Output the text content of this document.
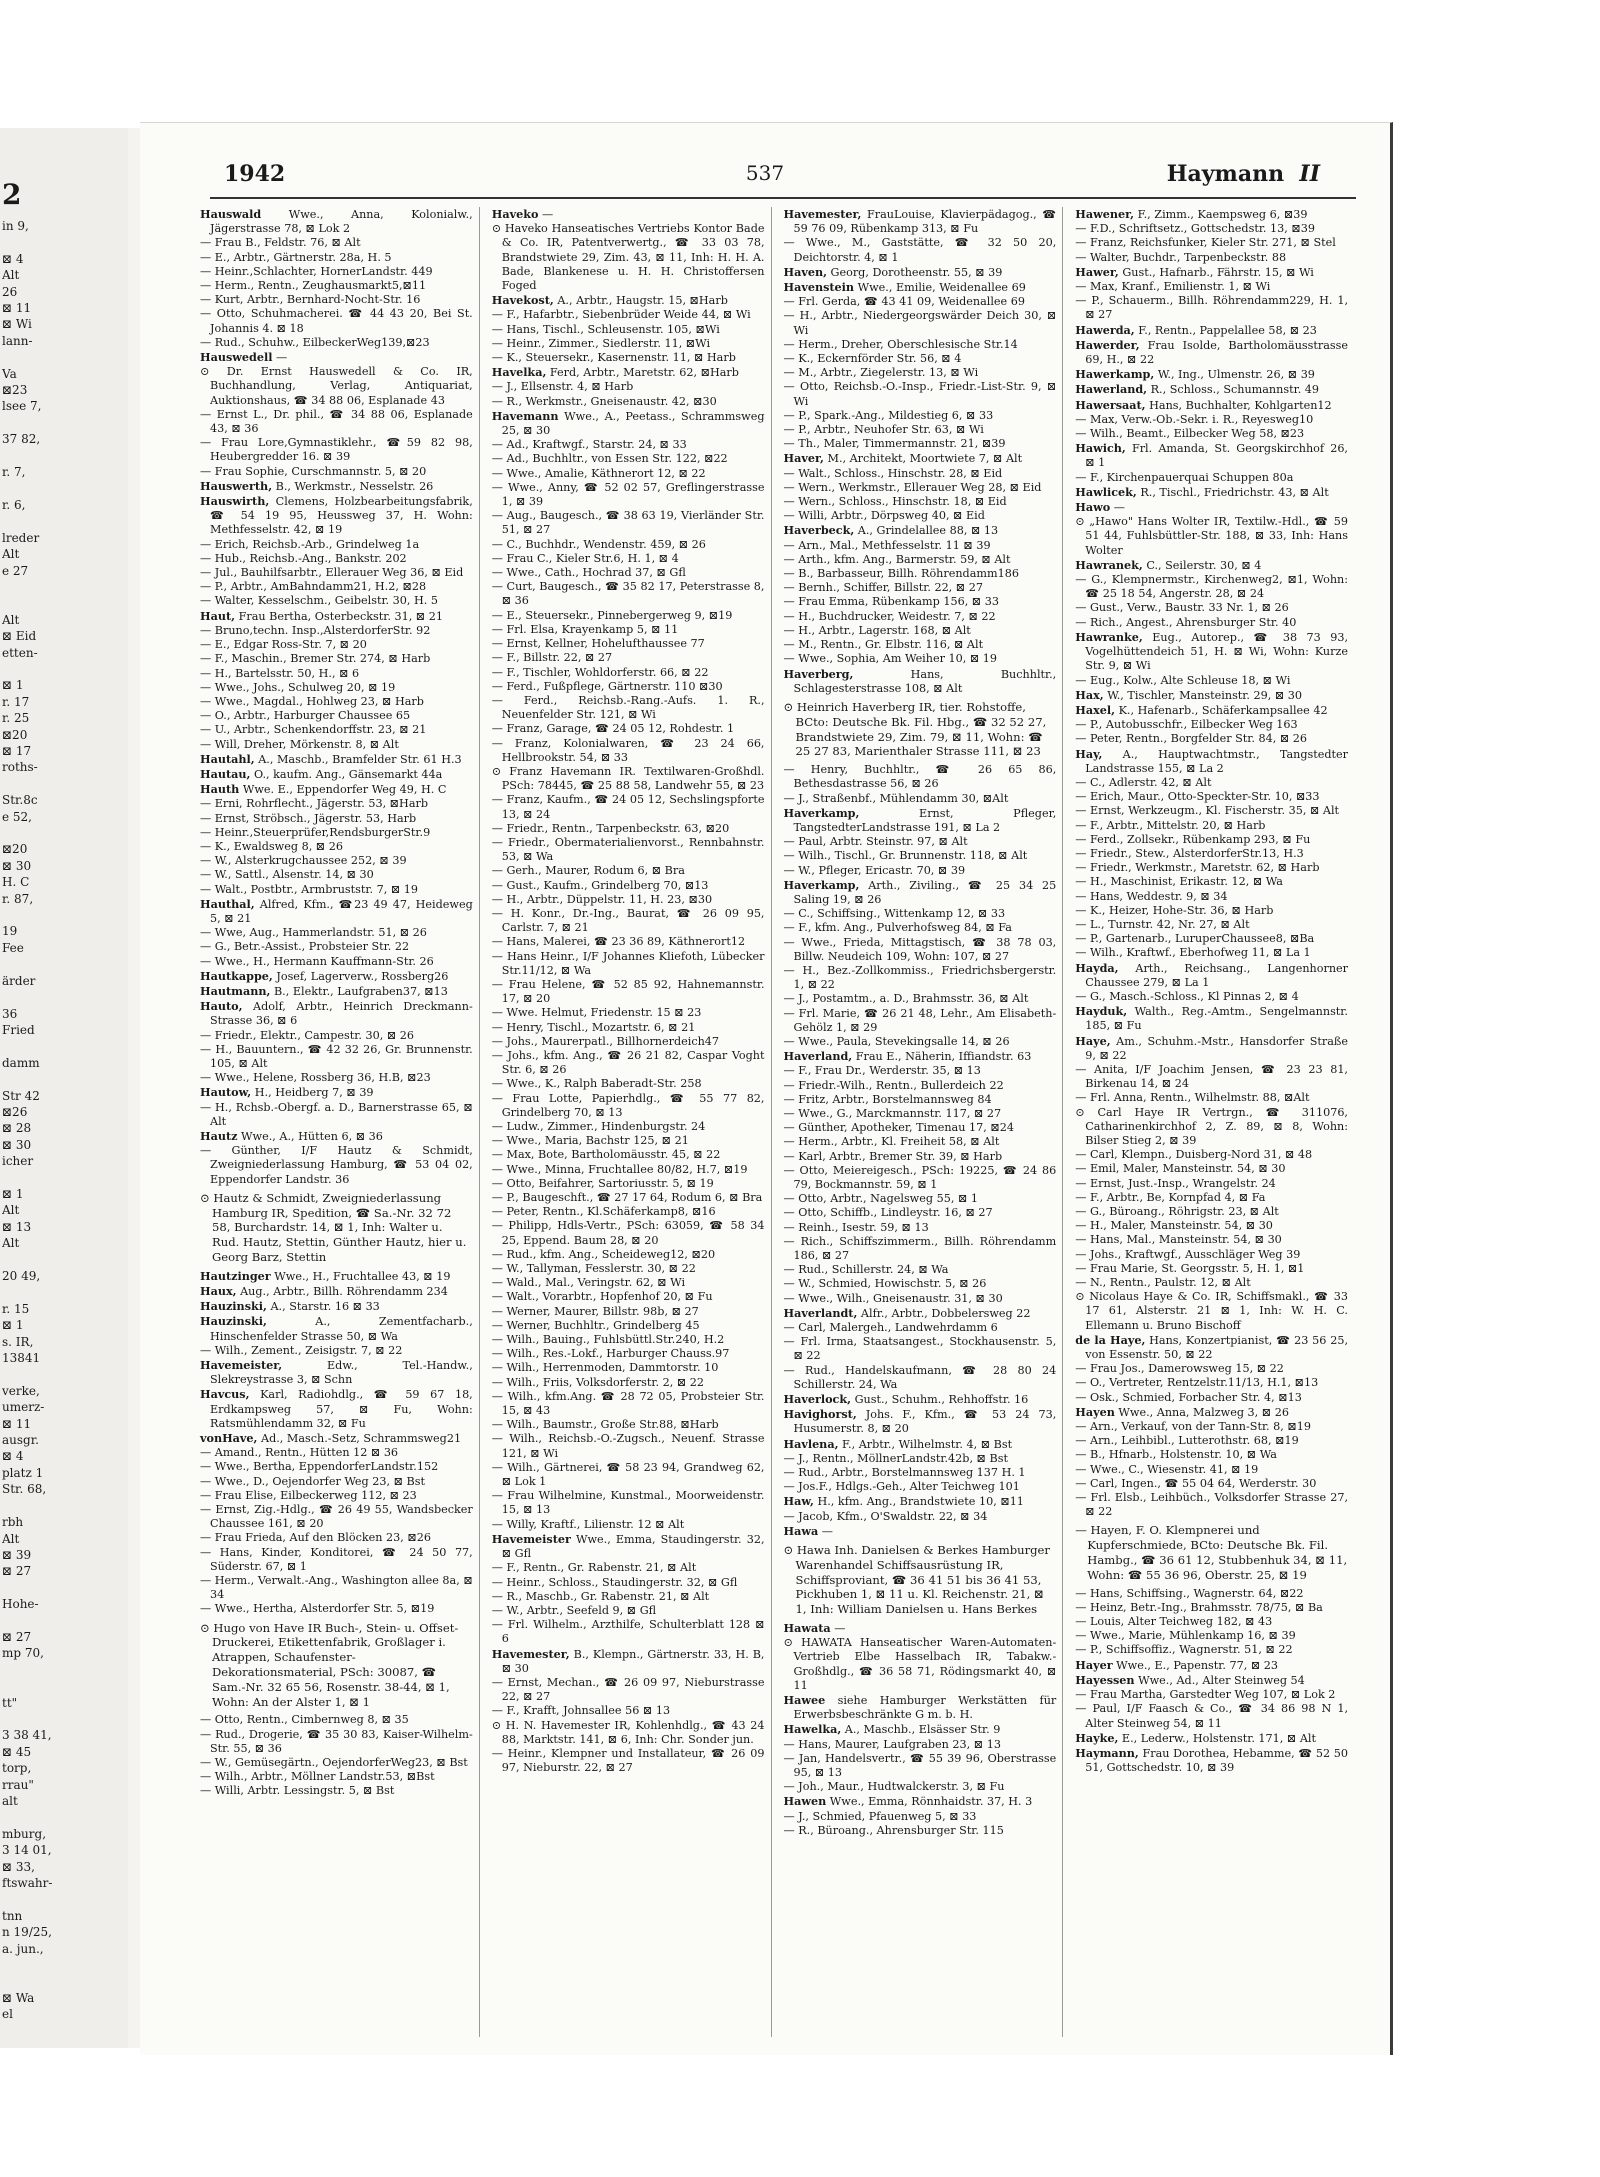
2
in 9,

⊠ 4
Alt
26
⊠ 11
⊠ Wi
lann-

Va
⊠23
lsee 7,

37 82,

r. 7,

r. 6,

lreder
Alt
e 27

Alt
⊠ Eid
etten-

⊠ 1
r. 17
r. 25
⊠20
⊠ 17
roths-

Str.8c
e 52,

⊠20
⊠ 30
H. C
r. 87,

19
Fee

ärder

36
Fried

damm

Str 42
⊠26
⊠ 28
⊠ 30
icher

⊠ 1
Alt
⊠ 13
Alt

20 49,

r. 15
⊠ 1
s. IR,
13841

verke,
umerz-
⊠ 11
ausgr.
⊠ 4
platz 1
Str. 68,

rbh
Alt
⊠ 39
⊠ 27

Hohe-

⊠ 27
mp 70,

tt"

3 38 41,
⊠ 45
torp,
rrau"
alt

mburg,
3 14 01,
⊠ 33,
ftswahr-

tnn
n 19/25,
a. jun.,

⊠ Wa
el
1942	537	Haymann II

Hauswald Wwe., Anna, Kolonialw., Jägerstrasse 78, ⊠ Lok 2

— Frau B., Feldstr. 76, ⊠ Alt

— E., Arbtr., Gärtnerstr. 28a, H. 5

— Heinr.,Schlachter, HornerLandstr. 449

— Herm., Rentn., Zeughausmarkt5,⊠11

— Kurt, Arbtr., Bernhard-Nocht-Str. 16

— Otto, Schuhmacherei. ☎ 44 43 20, Bei St. Johannis 4. ⊠ 18

— Rud., Schuhw., EilbeckerWeg139,⊠23

Hauswedell —

⊙ Dr. Ernst Hauswedell & Co. IR, Buchhandlung, Verlag, Antiquariat, Auktionshaus, ☎ 34 88 06, Esplanade 43

— Ernst L., Dr. phil., ☎ 34 88 06, Esplanade 43, ⊠ 36

— Frau Lore,Gymnastiklehr., ☎59 82 98, Heubergredder 16. ⊠ 39

— Frau Sophie, Curschmannstr. 5, ⊠ 20

Hauswerth, B., Werkmstr., Nesselstr. 26

Hauswirth, Clemens, Holzbearbeitungsfabrik, ☎ 54 19 95, Heussweg 37, H. Wohn: Methfesselstr. 42, ⊠ 19

— Erich, Reichsb.-Arb., Grindelweg 1a

— Hub., Reichsb.-Ang., Bankstr. 202

— Jul., Bauhilfsarbtr., Ellerauer Weg 36, ⊠ Eid

— P., Arbtr., AmBahndamm21, H.2, ⊠28

— Walter, Kesselschm., Geibelstr. 30, H. 5

Haut, Frau Bertha, Osterbeckstr. 31, ⊠ 21

— Bruno,techn. Insp.,AlsterdorferStr. 92

— E., Edgar Ross-Str. 7, ⊠ 20

— F., Maschin., Bremer Str. 274, ⊠ Harb

— H., Bartelsstr. 50, H., ⊠ 6

— Wwe., Johs., Schulweg 20, ⊠ 19

— Wwe., Magdal., Hohlweg 23, ⊠ Harb

— O., Arbtr., Harburger Chaussee 65

— U., Arbtr., Schenkendorffstr. 23, ⊠ 21

— Will, Dreher, Mörkenstr. 8, ⊠ Alt

Hautahl, A., Maschb., Bramfelder Str. 61 H.3

Hautau, O., kaufm. Ang., Gänsemarkt 44a

Hauth Wwe. E., Eppendorfer Weg 49, H. C

— Erni, Rohrflecht., Jägerstr. 53, ⊠Harb

— Ernst, Ströbsch., Jägerstr. 53, Harb

— Heinr.,Steuerprüfer,RendsburgerStr.9

— K., Ewaldsweg 8, ⊠ 26

— W., Alsterkrugchaussee 252, ⊠ 39

— W., Sattl., Alsenstr. 14, ⊠ 30

— Walt., Postbtr., Armbruststr. 7, ⊠ 19

Hauthal, Alfred, Kfm., ☎23 49 47, Heideweg 5, ⊠ 21

— Wwe, Aug., Hammerlandstr. 51, ⊠ 26

— G., Betr.-Assist., Probsteier Str. 22

— Wwe., H., Hermann Kauffmann-Str. 26

Hautkappe, Josef, Lagerverw., Rossberg26

Hautmann, B., Elektr., Laufgraben37, ⊠13

Hauto, Adolf, Arbtr., Heinrich Dreckmann-Strasse 36, ⊠ 6

— Friedr., Elektr., Campestr. 30, ⊠ 26

— H., Bauuntern., ☎ 42 32 26, Gr. Brunnenstr. 105, ⊠ Alt

— Wwe., Helene, Rossberg 36, H.B, ⊠23

Hautow, H., Heidberg 7, ⊠ 39

— H., Rchsb.-Obergf. a. D., Barnerstrasse 65, ⊠ Alt

Hautz Wwe., A., Hütten 6, ⊠ 36

— Günther, I/F Hautz & Schmidt, Zweigniederlassung Hamburg, ☎ 53 04 02, Eppendorfer Landstr. 36

⊙ Hautz & Schmidt, Zweigniederlassung Hamburg IR, Spedition, ☎ Sa.-Nr. 32 72 58, Burchardstr. 14, ⊠ 1, Inh: Walter u. Rud. Hautz, Stettin, Günther Hautz, hier u. Georg Barz, Stettin

Hautzinger Wwe., H., Fruchtallee 43, ⊠ 19

Haux, Aug., Arbtr., Billh. Röhrendamm 234

Hauzinski, A., Starstr. 16 ⊠ 33

Hauzinski,	A., Zementfacharb., Hinschenfelder Strasse 50, ⊠ Wa

— Wilh., Zement., Zeisigstr. 7, ⊠ 22

Havemeister,	Edw., Tel.-Handw., Slekreystrasse 3, ⊠ Schn

Havcus, Karl, Radiohdlg., ☎ 59 67 18, Erdkampsweg 57, ⊠ Fu, Wohn: Ratsmühlendamm 32, ⊠ Fu

vonHave, Ad., Masch.-Setz, Schrammsweg21

— Amand., Rentn., Hütten 12 ⊠ 36

— Wwe., Bertha, EppendorferLandstr.152

— Wwe., D., Oejendorfer Weg 23, ⊠ Bst

— Frau Elise, Eilbeckerweg 112, ⊠ 23

— Ernst, Zig.-Hdlg., ☎ 26 49 55, Wandsbecker Chaussee 161, ⊠ 20

— Frau Frieda, Auf den Blöcken 23, ⊠26

— Hans, Kinder, Konditorei, ☎ 24 50 77, Süderstr. 67, ⊠ 1

— Herm., Verwalt.-Ang., Washington allee 8a, ⊠ 34

— Wwe., Hertha, Alsterdorfer Str. 5, ⊠19

⊙ Hugo von Have IR Buch-, Stein- u. Offset-Druckerei, Etikettenfabrik, Großlager i. Atrappen, Schaufenster-Dekorationsmaterial, PSch: 30087, ☎ Sam.-Nr. 32 65 56, Rosenstr. 38-44, ⊠ 1, Wohn: An der Alster 1, ⊠ 1

— Otto, Rentn., Cimbernweg 8, ⊠ 35

— Rud., Drogerie, ☎ 35 30 83, Kaiser-Wilhelm-Str. 55, ⊠ 36

— W., Gemüsegärtn., OejendorferWeg23, ⊠ Bst

— Wilh., Arbtr., Möllner Landstr.53, ⊠Bst

— Willi, Arbtr. Lessingstr. 5, ⊠ Bst

Haveko —

⊙ Haveko Hanseatisches Vertriebs Kontor Bade & Co. IR, Patentverwertg., ☎ 33 03 78, Brandstwiete 29, Zim. 43, ⊠ 11, Inh: H. H. A. Bade, Blankenese u. H. H. Christoffersen Foged

Havekost, A., Arbtr., Haugstr. 15, ⊠Harb

— F., Hafarbtr., Siebenbrüder Weide 44, ⊠ Wi

— Hans, Tischl., Schleusenstr. 105, ⊠Wi

— Heinr., Zimmer., Siedlerstr. 11, ⊠Wi

— K., Steuersekr., Kasernenstr. 11, ⊠ Harb

Havelka, Ferd, Arbtr., Maretstr. 62, ⊠Harb

— J., Ellsenstr. 4, ⊠ Harb

— R., Werkmstr., Gneisenaustr. 42, ⊠30

Havemann Wwe., A., Peetass., Schrammsweg 25, ⊠ 30

— Ad., Kraftwgf., Starstr. 24, ⊠ 33

— Ad., Buchhltr., von Essen Str. 122, ⊠22

— Wwe., Amalie, Käthnerort 12, ⊠ 22

— Wwe., Anny, ☎ 52 02 57, Greflingerstrasse 1, ⊠ 39

— Aug., Baugesch., ☎ 38 63 19, Vierländer Str. 51, ⊠ 27

— C., Buchhdr., Wendenstr. 459, ⊠ 26

— Frau C., Kieler Str.6, H. 1, ⊠ 4

— Wwe., Cath., Hochrad 37, ⊠ Gfl

— Curt, Baugesch., ☎ 35 82 17, Peterstrasse 8, ⊠ 36

— E., Steuersekr., Pinnebergerweg 9, ⊠19

— Frl. Elsa, Krayenkamp 5, ⊠ 11

— Ernst, Kellner, Hohelufthaussee 77

— F., Billstr. 22, ⊠ 27

— F., Tischler, Wohldorferstr. 66, ⊠ 22

— Ferd., Fußpflege, Gärtnerstr. 110 ⊠30

— Ferd., Reichsb.-Rang.-Aufs. 1. R., Neuenfelder Str. 121, ⊠ Wi

— Franz, Garage, ☎ 24 05 12, Rohdestr. 1

— Franz, Kolonialwaren, ☎ 23 24 66, Hellbrookstr. 54, ⊠ 33

⊙ Franz Havemann IR. Textilwaren-Großhdl. PSch: 78445, ☎ 25 88 58, Landwehr 55, ⊠ 23

— Franz, Kaufm., ☎ 24 05 12, Sechslingspforte 13, ⊠ 24

— Friedr., Rentn., Tarpenbeckstr. 63, ⊠20

— Friedr., Obermaterialienvorst., Rennbahnstr. 53, ⊠ Wa

— Gerh., Maurer, Rodum 6, ⊠ Bra

— Gust., Kaufm., Grindelberg 70, ⊠13

— H., Arbtr., Düppelstr. 11, H. 23, ⊠30

— H. Konr., Dr.-Ing., Baurat, ☎ 26 09 95, Carlstr. 7, ⊠ 21

— Hans, Malerei, ☎ 23 36 89, Käthnerort12

— Hans Heinr., I/F Johannes Kliefoth, Lübecker Str.11/12, ⊠ Wa

— Frau Helene, ☎ 52 85 92, Hahnemannstr. 17, ⊠ 20

— Wwe. Helmut, Friedenstr. 15 ⊠ 23

— Henry, Tischl., Mozartstr. 6, ⊠ 21

— Johs., Maurerpatl., Billhornerdeich47

— Johs., kfm. Ang., ☎ 26 21 82, Caspar Voght Str. 6, ⊠ 26

— Wwe., K., Ralph Baberadt-Str. 258

— Frau Lotte, Papierhdlg., ☎ 55 77 82, Grindelberg 70, ⊠ 13

— Ludw., Zimmer., Hindenburgstr. 24

— Wwe., Maria, Bachstr 125, ⊠ 21

— Max, Bote, Bartholomäusstr. 45, ⊠ 22

— Wwe., Minna, Fruchtallee 80/82, H.7, ⊠19

— Otto, Beifahrer, Sartoriusstr. 5, ⊠ 19

— P., Baugeschft., ☎ 27 17 64, Rodum 6, ⊠ Bra

— Peter, Rentn., Kl.Schäferkamp8, ⊠16

— Philipp, Hdls-Vertr., PSch: 63059, ☎ 58 34 25, Eppend. Baum 28, ⊠ 20

— Rud., kfm. Ang., Scheideweg12, ⊠20

— W., Tallyman, Fesslerstr. 30, ⊠ 22

— Wald., Mal., Veringstr. 62, ⊠ Wi

— Walt., Vorarbtr., Hopfenhof 20, ⊠ Fu

— Werner, Maurer, Billstr. 98b, ⊠ 27

— Werner, Buchhltr., Grindelberg 45

— Wilh., Bauing., Fuhlsbüttl.Str.240, H.2

— Wilh., Res.-Lokf., Harburger Chauss.97

— Wilh., Herrenmoden, Dammtorstr. 10

— Wilh., Friis, Volksdorferstr. 2, ⊠ 22

— Wilh., kfm.Ang. ☎ 28 72 05, Probsteier Str. 15, ⊠ 43

— Wilh., Baumstr., Große Str.88, ⊠Harb

— Wilh., Reichsb.-O.-Zugsch., Neuenf. Strasse 121, ⊠ Wi

— Wilh., Gärtnerei, ☎ 58 23 94, Grandweg 62, ⊠ Lok 1

— Frau Wilhelmine, Kunstmal., Moorweidenstr. 15, ⊠ 13

— Willy, Kraftf., Lilienstr. 12 ⊠ Alt

Havemeister Wwe., Emma, Staudingerstr. 32, ⊠ Gfl

— F., Rentn., Gr. Rabenstr. 21, ⊠ Alt

— Heinr., Schloss., Staudingerstr. 32, ⊠ Gfl

— R., Maschb., Gr. Rabenstr. 21, ⊠ Alt

— W., Arbtr., Seefeld 9, ⊠ Gfl

— Frl. Wilhelm., Arzthilfe, Schulterblatt 128 ⊠ 6

Havemester, B., Klempn., Gärtnerstr. 33, H. B, ⊠ 30

— Ernst, Mechan., ☎ 26 09 97, Nieburstrasse 22, ⊠ 27

— F., Krafft, Johnsallee 56 ⊠ 13

⊙ H. N. Havemester IR, Kohlenhdlg., ☎ 43 24 88, Marktstr. 141, ⊠ 6, Inh: Chr. Sonder jun.

— Heinr., Klempner und Installateur, ☎ 26 09 97, Nieburstr. 22, ⊠ 27

Havemester, FrauLouise, Klavierpädagog., ☎ 59 76 09, Rübenkamp 313, ⊠ Fu

— Wwe., M., Gaststätte, ☎ 32 50 20, Deichtorstr. 4, ⊠ 1

Haven, Georg, Dorotheenstr. 55, ⊠ 39

Havenstein Wwe., Emilie, Weidenallee 69

— Frl. Gerda, ☎ 43 41 09, Weidenallee 69

— H., Arbtr., Niedergeorgswärder Deich 30, ⊠ Wi

— Herm., Dreher, Oberschlesische Str.14

— K., Eckernförder Str. 56, ⊠ 4

— M., Arbtr., Ziegelerstr. 13, ⊠ Wi

— Otto, Reichsb.-O.-Insp., Friedr.-List-Str. 9, ⊠ Wi

— P., Spark.-Ang., Mildestieg 6, ⊠ 33

— P., Arbtr., Neuhofer Str. 63, ⊠ Wi

— Th., Maler, Timmermannstr. 21, ⊠39

Haver, M., Architekt, Moortwiete 7, ⊠ Alt

— Walt., Schloss., Hinschstr. 28, ⊠ Eid

— Wern., Werkmstr., Ellerauer Weg 28, ⊠ Eid

— Wern., Schloss., Hinschstr. 18, ⊠ Eid

— Willi, Arbtr., Dörpsweg 40, ⊠ Eid

Haverbeck, A., Grindelallee 88, ⊠ 13

— Arn., Mal., Methfesselstr. 11 ⊠ 39

— Arth., kfm. Ang., Barmerstr. 59, ⊠ Alt

— B., Barbasseur, Billh. Röhrendamm186

— Bernh., Schiffer, Billstr. 22, ⊠ 27

— Frau Emma, Rübenkamp 156, ⊠ 33

— H., Buchdrucker, Weidestr. 7, ⊠ 22

— H., Arbtr., Lagerstr. 168, ⊠ Alt

— M., Rentn., Gr. Elbstr. 116, ⊠ Alt

— Wwe., Sophia, Am Weiher 10, ⊠ 19

Haverberg,	Hans, Buchhltr., Schlagesterstrasse 108, ⊠ Alt

⊙ Heinrich Haverberg IR, tier. Rohstoffe, BCto: Deutsche Bk. Fil. Hbg., ☎ 32 52 27, Brandstwiete 29, Zim. 79, ⊠ 11, Wohn: ☎ 25 27 83, Marienthaler Strasse 111, ⊠ 23

— Henry, Buchhltr., ☎ 26 65 86, Bethesdastrasse 56, ⊠ 26

— J., Straßenbf., Mühlendamm 30, ⊠Alt

Haverkamp,	Ernst, Pfleger, TangstedterLandstrasse 191, ⊠ La 2

— Paul, Arbtr. Steinstr. 97, ⊠ Alt

— Wilh., Tischl., Gr. Brunnenstr. 118, ⊠ Alt

— W., Pfleger, Ericastr. 70, ⊠ 39

Haverkamp, Arth., Ziviling., ☎ 25 34 25 Saling 19, ⊠ 26

— C., Schiffsing., Wittenkamp 12, ⊠ 33

— F., kfm. Ang., Pulverhofsweg 84, ⊠ Fa

— Wwe., Frieda, Mittagstisch, ☎ 38 78 03, Billw. Neudeich 109, Wohn: 107, ⊠ 27

— H., Bez.-Zollkommiss., Friedrichsbergerstr. 1, ⊠ 22

— J., Postamtm., a. D., Brahmsstr. 36, ⊠ Alt

— Frl. Marie, ☎ 26 21 48, Lehr., Am Elisabeth-Gehölz 1, ⊠ 29

— Wwe., Paula, Stevekingsalle 14, ⊠ 26

Haverland, Frau E., Näherin, Iffiandstr. 63

— F., Frau Dr., Werderstr. 35, ⊠ 13

— Friedr.-Wilh., Rentn., Bullerdeich 22

— Fritz, Arbtr., Borstelmannsweg 84

— Wwe., G., Marckmannstr. 117, ⊠ 27

— Günther, Apotheker, Timenau 17, ⊠24

— Herm., Arbtr., Kl. Freiheit 58, ⊠ Alt

— Karl, Arbtr., Bremer Str. 39, ⊠ Harb

— Otto, Meiereigesch., PSch: 19225, ☎ 24 86 79, Bockmannstr. 59, ⊠ 1

— Otto, Arbtr., Nagelsweg 55, ⊠ 1

— Otto, Schiffb., Lindleystr. 16, ⊠ 27

— Reinh., Isestr. 59, ⊠ 13

— Rich., Schiffszimmerm., Billh. Röhrendamm 186, ⊠ 27

— Rud., Schillerstr. 24, ⊠ Wa

— W., Schmied, Howischstr. 5, ⊠ 26

— Wwe., Wilh., Gneisenaustr. 31, ⊠ 30

Haverlandt, Alfr., Arbtr., Dobbelersweg 22

— Carl, Malergeh., Landwehrdamm 6

— Frl. Irma, Staatsangest., Stockhausenstr. 5, ⊠ 22

— Rud., Handelskaufmann, ☎ 28 80 24 Schillerstr. 24, Wa

Haverlock, Gust., Schuhm., Rehhoffstr. 16

Havighorst, Johs. F., Kfm., ☎ 53 24 73, Husumerstr. 8, ⊠ 20

Havlena, F., Arbtr., Wilhelmstr. 4, ⊠ Bst

— J., Rentn., MöllnerLandstr.42b, ⊠ Bst

— Rud., Arbtr., Borstelmannsweg 137 H. 1

— Jos.F., Hdlgs.-Geh., Alter Teichweg 101

Haw, H., kfm. Ang., Brandstwiete 10, ⊠11

— Jacob, Kfm., O'Swaldstr. 22, ⊠ 34

Hawa —

⊙ Hawa Inh. Danielsen & Berkes Hamburger Warenhandel Schiffsausrüstung IR, Schiffsproviant, ☎ 36 41 51 bis 36 41 53, Pickhuben 1, ⊠ 11 u. Kl. Reichenstr. 21, ⊠ 1, Inh: William Danielsen u. Hans Berkes

Hawata —

⊙ HAWATA Hanseatischer Waren-Automaten-Vertrieb Elbe Hasselbach IR, Tabakw.-Großhdlg., ☎ 36 58 71, Rödingsmarkt 40, ⊠ 11

Hawee siehe Hamburger Werkstätten für Erwerbsbeschränkte G m. b. H.

Hawelka, A., Maschb., Elsässer Str. 9

— Hans, Maurer, Laufgraben 23, ⊠ 13

— Jan, Handelsvertr., ☎ 55 39 96, Oberstrasse 95, ⊠ 13

— Joh., Maur., Hudtwalckerstr. 3, ⊠ Fu

Hawen Wwe., Emma, Rönnhaidstr. 37, H. 3

— J., Schmied, Pfauenweg 5, ⊠ 33

— R., Büroang., Ahrensburger Str. 115

Hawener, F., Zimm., Kaempsweg 6, ⊠39

— F.D., Schriftsetz., Gottschedstr. 13, ⊠39

— Franz, Reichsfunker, Kieler Str. 271, ⊠ Stel

— Walter, Buchdr., Tarpenbeckstr. 88

Hawer, Gust., Hafnarb., Fährstr. 15, ⊠ Wi

— Max, Kranf., Emilienstr. 1, ⊠ Wi

— P., Schauerm., Billh. Röhrendamm229, H. 1, ⊠ 27

Hawerda, F., Rentn., Pappelallee 58, ⊠ 23

Hawerder, Frau Isolde, Bartholomäusstrasse 69, H., ⊠ 22

Hawerkamp, W., Ing., Ulmenstr. 26, ⊠ 39

Hawerland, R., Schloss., Schumannstr. 49

Hawersaat, Hans, Buchhalter, Kohlgarten12

— Max, Verw.-Ob.-Sekr. i. R., Reyesweg10

— Wilh., Beamt., Eilbecker Weg 58, ⊠23

Hawich, Frl. Amanda, St. Georgskirchhof 26, ⊠ 1

— F., Kirchenpauerquai Schuppen 80a

Hawlicek, R., Tischl., Friedrichstr. 43, ⊠ Alt

Hawo —

⊙ „Hawo" Hans Wolter IR, Textilw.-Hdl., ☎ 59 51 44, Fuhlsbüttler-Str. 188, ⊠ 33, Inh: Hans Wolter

Hawranek, C., Seilerstr. 30, ⊠ 4

— G., Klempnermstr., Kirchenweg2, ⊠1, Wohn: ☎ 25 18 54, Angerstr. 28, ⊠ 24

— Gust., Verw., Baustr. 33 Nr. 1, ⊠ 26

— Rich., Angest., Ahrensburger Str. 40

Hawranke, Eug., Autorep., ☎ 38 73 93, Vogelhüttendeich 51, H. ⊠ Wi, Wohn: Kurze Str. 9, ⊠ Wi

— Eug., Kolw., Alte Schleuse 18, ⊠ Wi

Hax, W., Tischler, Mansteinstr. 29, ⊠ 30

Haxel, K., Hafenarb., Schäferkampsallee 42

— P., Autobusschfr., Eilbecker Weg 163

— Peter, Rentn., Borgfelder Str. 84, ⊠ 26

Hay, A., Hauptwachtmstr., Tangstedter Landstrasse 155, ⊠ La 2

— C., Adlerstr. 42, ⊠ Alt

— Erich, Maur., Otto-Speckter-Str. 10, ⊠33

— Ernst, Werkzeugm., Kl. Fischerstr. 35, ⊠ Alt

— F., Arbtr., Mittelstr. 20, ⊠ Harb

— Ferd., Zollsekr., Rübenkamp 293, ⊠ Fu

— Friedr., Stew., AlsterdorferStr.13, H.3

— Friedr., Werkmstr., Maretstr. 62, ⊠ Harb

— H., Maschinist, Erikastr. 12, ⊠ Wa

— Hans, Weddestr. 9, ⊠ 34

— K., Heizer, Hohe-Str. 36, ⊠ Harb

— L., Turnstr. 42, Nr. 27, ⊠ Alt

— P., Gartenarb., LuruperChaussee8, ⊠Ba

— Wilh., Kraftwf., Eberhofweg 11, ⊠ La 1

Hayda, Arth., Reichsang., Langenhorner Chaussee 279, ⊠ La 1

— G., Masch.-Schloss., Kl Pinnas 2, ⊠ 4

Hayduk, Walth., Reg.-Amtm., Sengelmannstr. 185, ⊠ Fu

Haye, Am., Schuhm.-Mstr., Hansdorfer Straße 9, ⊠ 22

— Anita, I/F Joachim Jensen, ☎ 23 23 81, Birkenau 14, ⊠ 24

— Frl. Anna, Rentn., Wilhelmstr. 88, ⊠Alt

⊙ Carl Haye IR Vertrgn., ☎ 311076, Catharinenkirchhof 2, Z. 89, ⊠ 8, Wohn: Bilser Stieg 2, ⊠ 39

— Carl, Klempn., Duisberg-Nord 31, ⊠ 48

— Emil, Maler, Mansteinstr. 54, ⊠ 30

— Ernst, Just.-Insp., Wrangelstr. 24

— F., Arbtr., Be, Kornpfad 4, ⊠ Fa

— G., Büroang., Röhrigstr. 23, ⊠ Alt

— H., Maler, Mansteinstr. 54, ⊠ 30

— Hans, Mal., Mansteinstr. 54, ⊠ 30

— Johs., Kraftwgf., Ausschläger Weg 39

— Frau Marie, St. Georgsstr. 5, H. 1, ⊠1

— N., Rentn., Paulstr. 12, ⊠ Alt

⊙ Nicolaus Haye & Co. IR, Schiffsmakl., ☎ 33 17 61, Alsterstr. 21 ⊠ 1, Inh: W. H. C. Ellemann u. Bruno Bischoff

de la Haye, Hans, Konzertpianist, ☎ 23 56 25, von Essenstr. 50, ⊠ 22

— Frau Jos., Damerowsweg 15, ⊠ 22

— O., Vertreter, Rentzelstr.11/13, H.1, ⊠13

— Osk., Schmied, Forbacher Str. 4, ⊠13

Hayen Wwe., Anna, Malzweg 3, ⊠ 26

— Arn., Verkauf, von der Tann-Str. 8, ⊠19

— Arn., Leihbibl., Lutterothstr. 68, ⊠19

— B., Hfnarb., Holstenstr. 10, ⊠ Wa

— Wwe., C., Wiesenstr. 41, ⊠ 19

— Carl, Ingen., ☎ 55 04 64, Werderstr. 30

— Frl. Elsb., Leihbüch., Volksdorfer Strasse 27, ⊠ 22

— Hayen, F. O. Klempnerei und Kupferschmiede, BCto: Deutsche Bk. Fil. Hambg., ☎ 36 61 12, Stubbenhuk 34, ⊠ 11, Wohn: ☎ 55 36 96, Oberstr. 25, ⊠ 19

— Hans, Schiffsing., Wagnerstr. 64, ⊠22

— Heinz, Betr.-Ing., Brahmsstr. 78/75, ⊠ Ba

— Louis, Alter Teichweg 182, ⊠ 43

— Wwe., Marie, Mühlenkamp 16, ⊠ 39

— P., Schiffsoffiz., Wagnerstr. 51, ⊠ 22

Hayer Wwe., E., Papenstr. 77, ⊠ 23

Hayessen Wwe., Ad., Alter Steinweg 54

— Frau Martha, Garstedter Weg 107, ⊠ Lok 2

— Paul, I/F Faasch & Co., ☎ 34 86 98 N 1, Alter Steinweg 54, ⊠ 11

Hayke, E., Lederw., Holstenstr. 171, ⊠ Alt

Haymann, Frau Dorothea, Hebamme, ☎ 52 50 51, Gottschedstr. 10, ⊠ 39
